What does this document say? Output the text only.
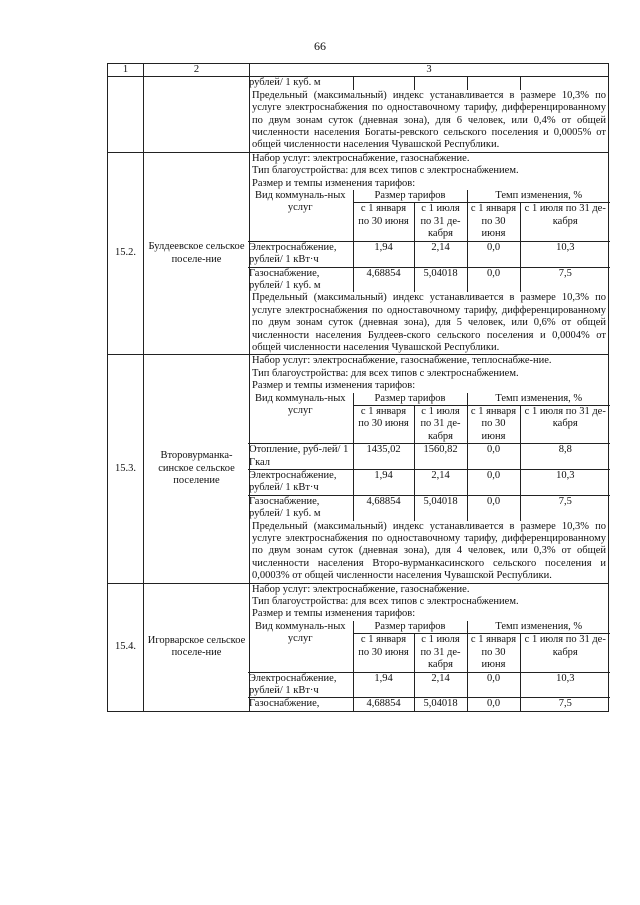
66
1	2	3

рублей/ 1 куб. м				
Предельный (максимальный) индекс устанавливается в размере 10,3% по услуге электроснабжения по одноставочному тарифу, дифференцированному по двум зонам суток (дневная зона), для 6 человек, или 0,4% от общей численности населения Богаты-ревского сельского поселения и 0,0005% от общей численности населения Чувашской Республики.

15.2.	Булдеевское сельское поселе-ние	
Набор услуг: электроснабжение, газоснабжение.
Тип благоустройства: для всех типов с электроснабжением.
Размер и темпы изменения тарифов:
Вид коммуналь-ных услуг	Размер тарифов	Темп изменения, %
с 1 января по 30 июня	с 1 июля по 31 де-кабря	с 1 января по 30 июня	с 1 июля по 31 де-кабря
Электроснабжение, рублей/ 1 кВт·ч	1,94	2,14	0,0	10,3
Газоснабжение, рублей/ 1 куб. м	4,68854	5,04018	0,0	7,5
Предельный (максимальный) индекс устанавливается в размере 10,3% по услуге электроснабжения по одноставочному тарифу, дифференцированному по двум зонам суток (дневная зона), для 5 человек, или 0,6% от общей численности населения Булдеев-ского сельского поселения и 0,0004% от общей численности населения Чувашской Республики.

15.3.	Второвурманка-синское сельское поселение	
Набор услуг: электроснабжение, газоснабжение, теплоснабже-ние.
Тип благоустройства: для всех типов с электроснабжением.
Размер и темпы изменения тарифов:
Вид коммуналь-ных услуг	Размер тарифов	Темп изменения, %
с 1 января по 30 июня	с 1 июля по 31 де-кабря	с 1 января по 30 июня	с 1 июля по 31 де-кабря
Отопление, руб-лей/ 1 Гкал	1435,02	1560,82	0,0	8,8
Электроснабжение, рублей/ 1 кВт·ч	1,94	2,14	0,0	10,3
Газоснабжение, рублей/ 1 куб. м	4,68854	5,04018	0,0	7,5
Предельный (максимальный) индекс устанавливается в размере 10,3% по услуге электроснабжения по одноставочному тарифу, дифференцированному по двум зонам суток (дневная зона), для 4 человек, или 0,3% от общей численности населения Второ-вурманкасинского сельского поселения и 0,0003% от общей численности населения Чувашской Республики.

15.4.	Игорварское сельское поселе-ние	
Набор услуг: электроснабжение, газоснабжение.
Тип благоустройства: для всех типов с электроснабжением.
Размер и темпы изменения тарифов:
Вид коммуналь-ных услуг	Размер тарифов	Темп изменения, %
с 1 января по 30 июня	с 1 июля по 31 де-кабря	с 1 января по 30 июня	с 1 июля по 31 де-кабря
Электроснабжение, рублей/ 1 кВт·ч	1,94	2,14	0,0	10,3
Газоснабжение,	4,68854	5,04018	0,0	7,5
